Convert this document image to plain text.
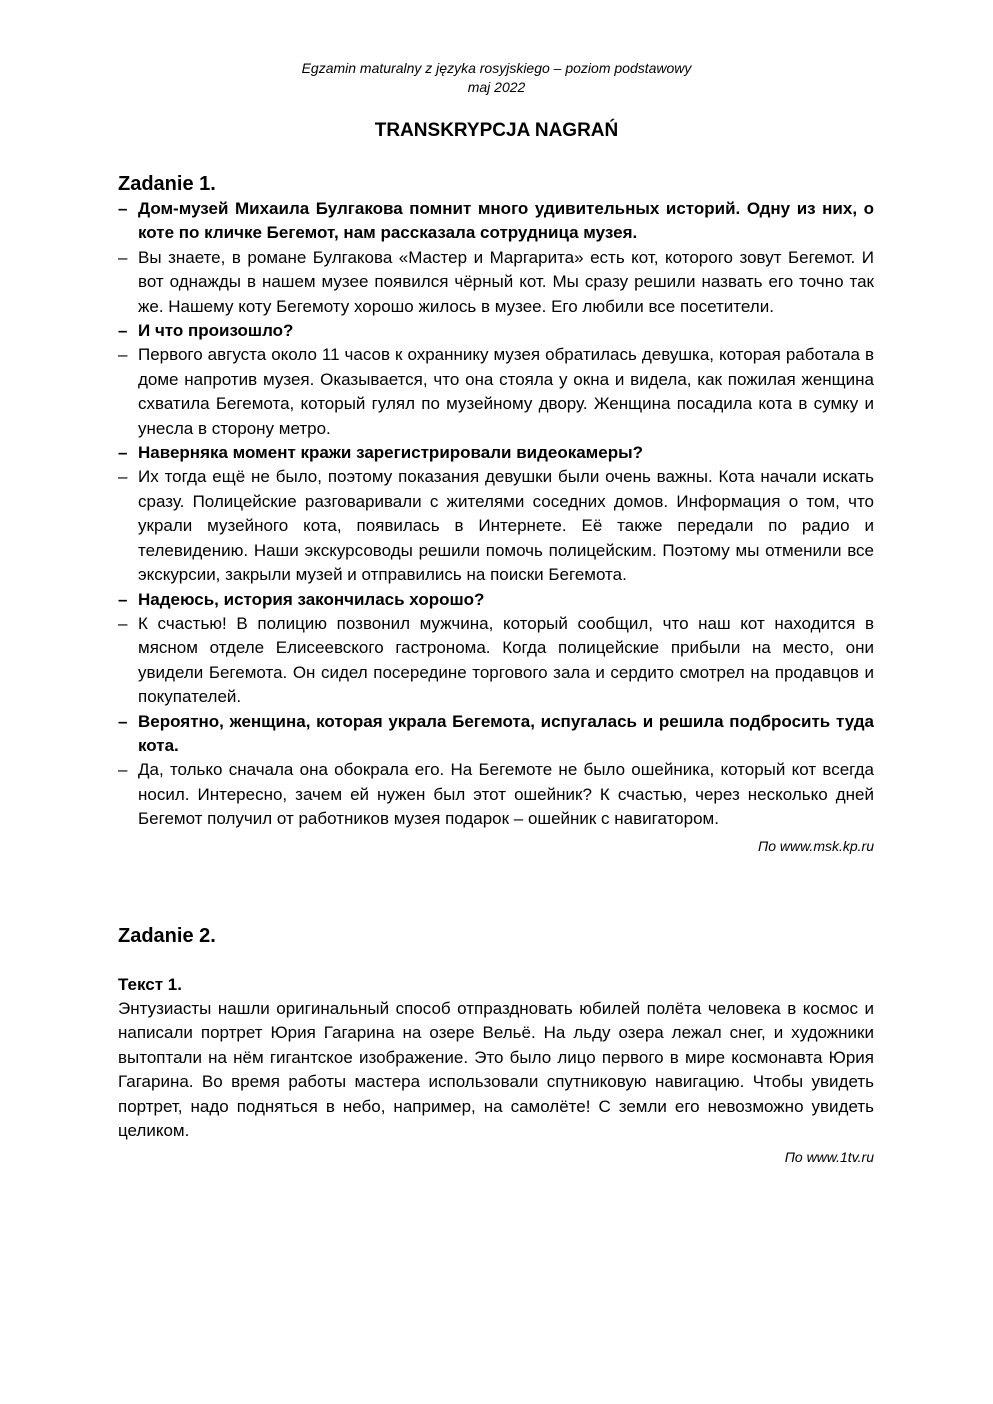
Egzamin maturalny z języka rosyjskiego – poziom podstawowy
maj 2022
TRANSKRYPCJA NAGRAŃ
Zadanie 1.
– Дом-музей Михаила Булгакова помнит много удивительных историй. Одну из них, о коте по кличке Бегемот, нам рассказала сотрудница музея.
– Вы знаете, в романе Булгакова «Мастер и Маргарита» есть кот, которого зовут Бегемот. И вот однажды в нашем музее появился чёрный кот. Мы сразу решили назвать его точно так же. Нашему коту Бегемоту хорошо жилось в музее. Его любили все посетители.
– И что произошло?
– Первого августа около 11 часов к охраннику музея обратилась девушка, которая работала в доме напротив музея. Оказывается, что она стояла у окна и видела, как пожилая женщина схватила Бегемота, который гулял по музейному двору. Женщина посадила кота в сумку и унесла в сторону метро.
– Наверняка момент кражи зарегистрировали видеокамеры?
– Их тогда ещё не было, поэтому показания девушки были очень важны. Кота начали искать сразу. Полицейские разговаривали с жителями соседних домов. Информация о том, что украли музейного кота, появилась в Интернете. Её также передали по радио и телевидению. Наши экскурсоводы решили помочь полицейским. Поэтому мы отменили все экскурсии, закрыли музей и отправились на поиски Бегемота.
– Надеюсь, история закончилась хорошо?
– К счастью! В полицию позвонил мужчина, который сообщил, что наш кот находится в мясном отделе Елисеевского гастронома. Когда полицейские прибыли на место, они увидели Бегемота. Он сидел посередине торгового зала и сердито смотрел на продавцов и покупателей.
– Вероятно, женщина, которая украла Бегемота, испугалась и решила подбросить туда кота.
– Да, только сначала она обокрала его. На Бегемоте не было ошейника, который кот всегда носил. Интересно, зачем ей нужен был этот ошейник? К счастью, через несколько дней Бегемот получил от работников музея подарок – ошейник с навигатором.
По www.msk.kp.ru
Zadanie 2.
Текст 1.
Энтузиасты нашли оригинальный способ отпраздновать юбилей полёта человека в космос и написали портрет Юрия Гагарина на озере Вельё. На льду озера лежал снег, и художники вытоптали на нём гигантское изображение. Это было лицо первого в мире космонавта Юрия Гагарина. Во время работы мастера использовали спутниковую навигацию. Чтобы увидеть портрет, надо подняться в небо, например, на самолёте! С земли его невозможно увидеть целиком.
По www.1tv.ru
